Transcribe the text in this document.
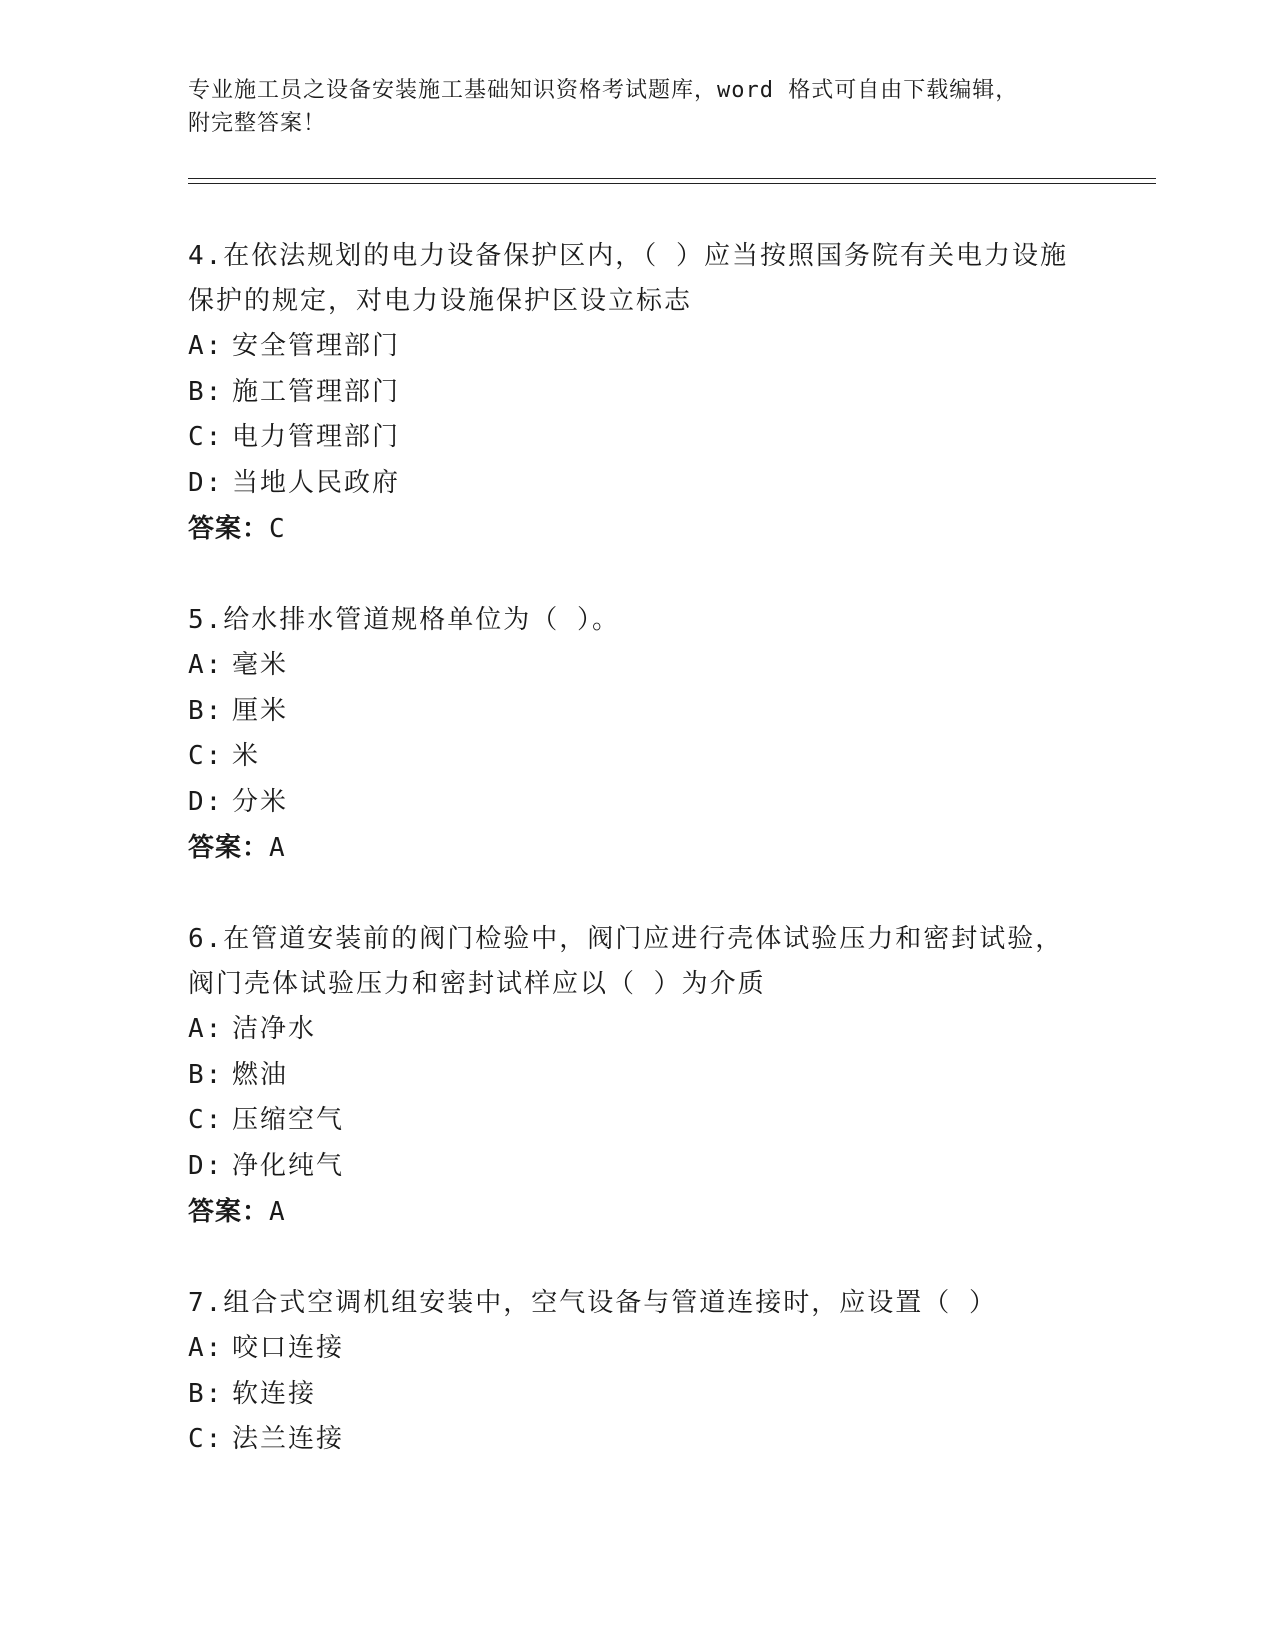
专业施工员之设备安装施工基础知识资格考试题库，word 格式可自由下载编辑，
附完整答案！
4.在依法规划的电力设备保护区内，（ ）应当按照国务院有关电力设施保护的规定，对电力设施保护区设立标志
A: 安全管理部门
B: 施工管理部门
C: 电力管理部门
D: 当地人民政府
答案：C
5.给水排水管道规格单位为（ ）。
A: 毫米
B: 厘米
C: 米
D: 分米
答案：A
6.在管道安装前的阀门检验中，阀门应进行壳体试验压力和密封试验，阀门壳体试验压力和密封试样应以（ ）为介质
A: 洁净水
B: 燃油
C: 压缩空气
D: 净化纯气
答案：A
7.组合式空调机组安装中，空气设备与管道连接时，应设置（ ）
A: 咬口连接
B: 软连接
C: 法兰连接
